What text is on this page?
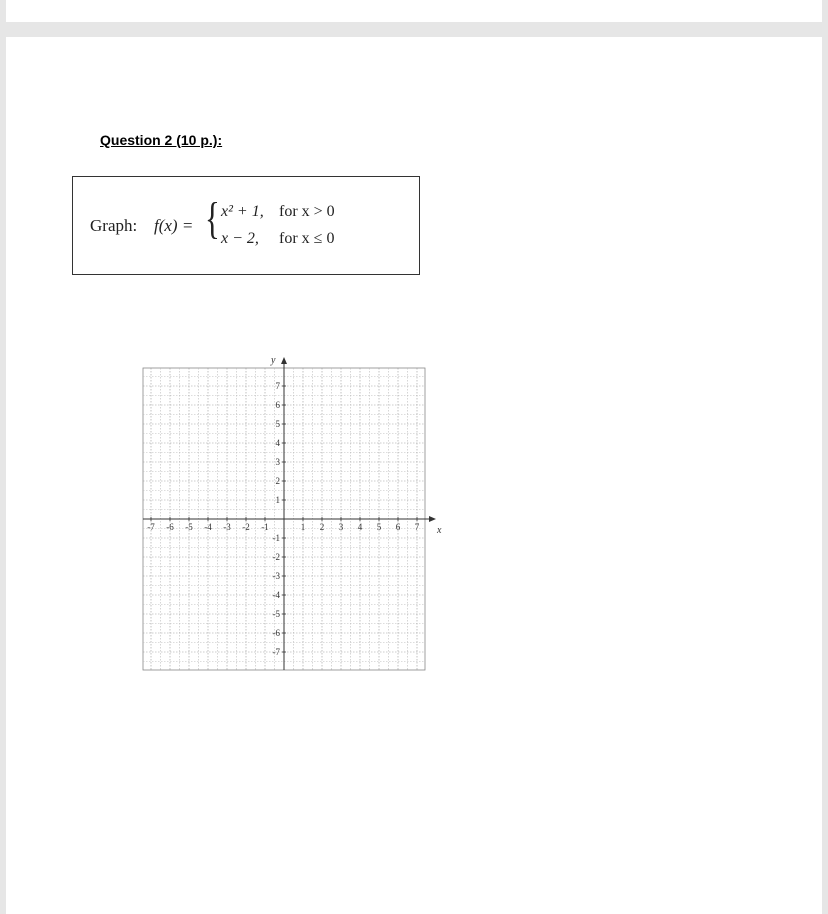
Question 2 (10 p.):
Graph: f(x) = { x² + 1, for x > 0
x − 2, for x ≤ 0
x
y
-7 -6 -5 -4 -3 -2 -1	1 2 3 4 5 6 7
7
6
5
4
3
2
1
-1
-2
-3
-4
-5
-6
-7
